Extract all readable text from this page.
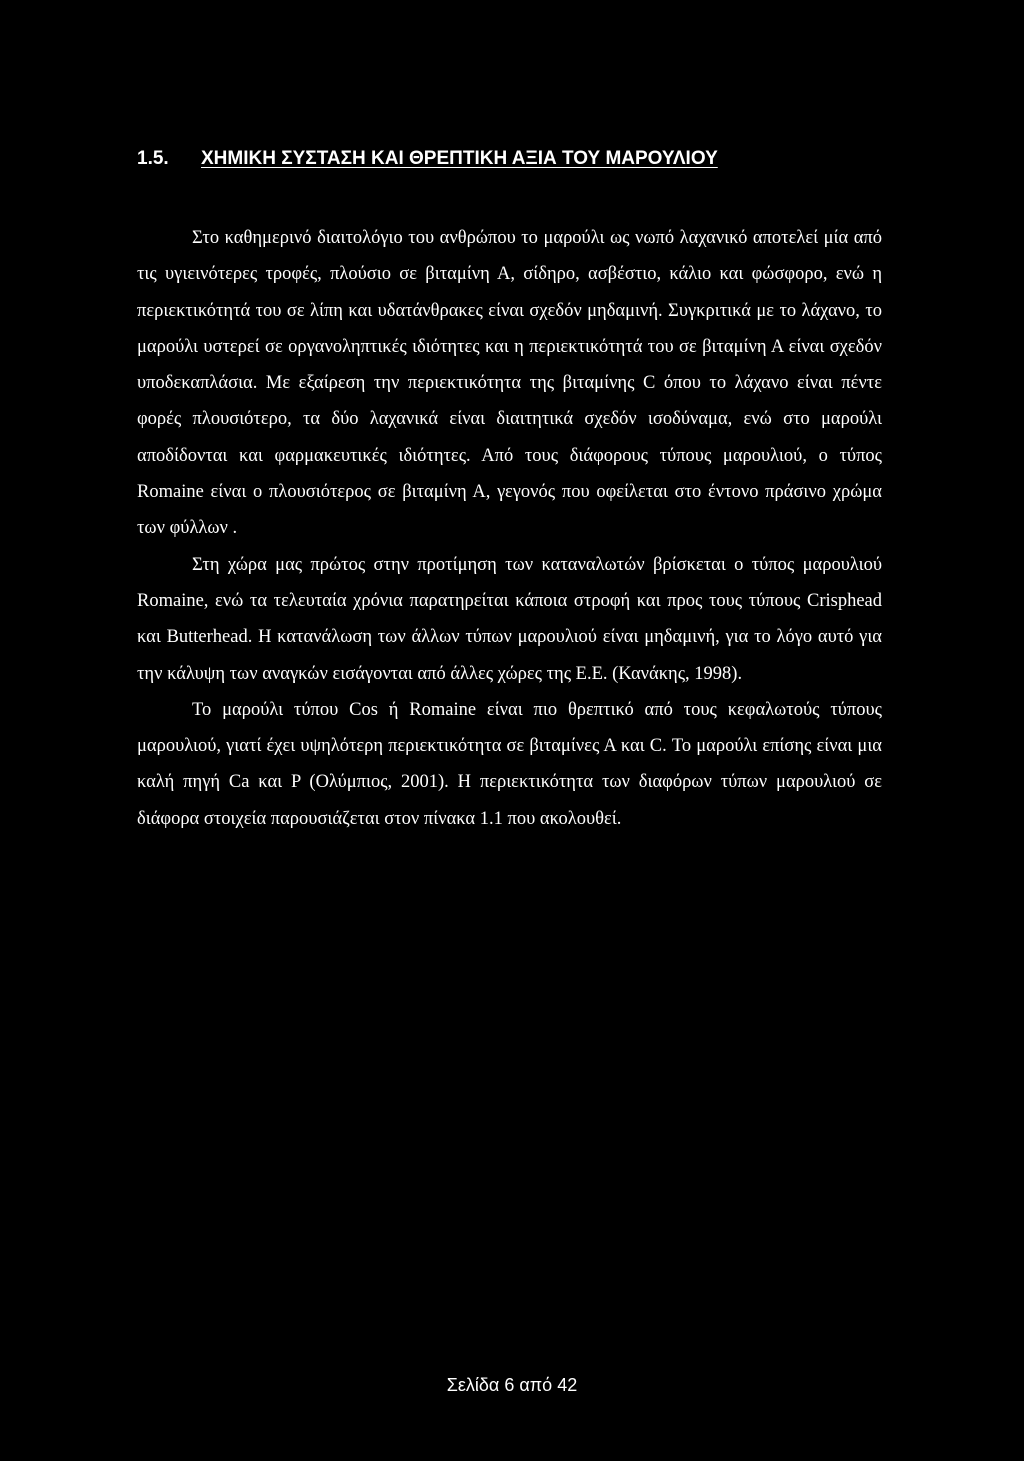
1.5. ΧΗΜΙΚΗ ΣΥΣΤΑΣΗ ΚΑΙ ΘΡΕΠΤΙΚΗ ΑΞΙΑ ΤΟΥ ΜΑΡΟΥΛΙΟΥ

Στο καθημερινό διαιτολόγιο του ανθρώπου το μαρούλι ως νωπό λαχανικό αποτελεί μία από τις υγιεινότερες τροφές, πλούσιο σε βιταμίνη Α, σίδηρο, ασβέστιο, κάλιο και φώσφορο, ενώ η περιεκτικότητά του σε λίπη και υδατάνθρακες είναι σχεδόν μηδαμινή. Συγκριτικά με το λάχανο, το μαρούλι υστερεί σε οργανοληπτικές ιδιότητες και η περιεκτικότητά του σε βιταμίνη Α είναι σχεδόν υποδεκαπλάσια. Με εξαίρεση την περιεκτικότητα της βιταμίνης C όπου το λάχανο είναι πέντε φορές πλουσιότερο, τα δύο λαχανικά είναι διαιτητικά σχεδόν ισοδύναμα, ενώ στο μαρούλι αποδίδονται και φαρμακευτικές ιδιότητες. Από τους διάφορους τύπους μαρουλιού, ο τύπος Romaine είναι ο πλουσιότερος σε βιταμίνη Α, γεγονός που οφείλεται στο έντονο πράσινο χρώμα των φύλλων .

Στη χώρα μας πρώτος στην προτίμηση των καταναλωτών βρίσκεται ο τύπος μαρουλιού Romaine, ενώ τα τελευταία χρόνια παρατηρείται κάποια στροφή και προς τους τύπους Crisphead και Butterhead. Η κατανάλωση των άλλων τύπων μαρουλιού είναι μηδαμινή, για το λόγο αυτό για την κάλυψη των αναγκών εισάγονται από άλλες χώρες της Ε.Ε. (Κανάκης, 1998).

Το μαρούλι τύπου Cos ή Romaine είναι πιο θρεπτικό από τους κεφαλωτούς τύπους μαρουλιού, γιατί έχει υψηλότερη περιεκτικότητα σε βιταμίνες Α και C. Το μαρούλι επίσης είναι μια καλή πηγή Ca και P (Ολύμπιος, 2001). Η περιεκτικότητα των διαφόρων τύπων μαρουλιού σε διάφορα στοιχεία παρουσιάζεται στον πίνακα 1.1 που ακολουθεί.

Σελίδα 6 από 42
